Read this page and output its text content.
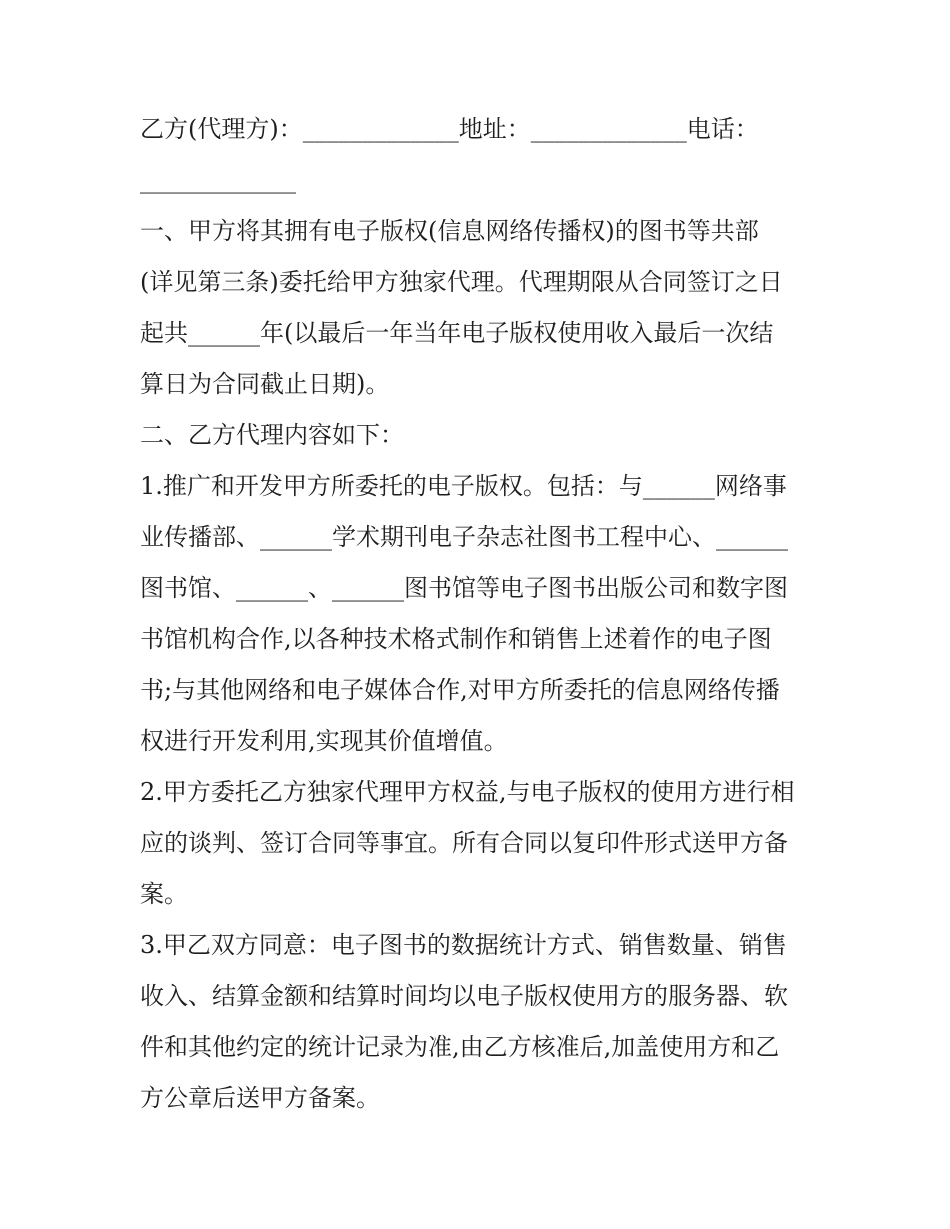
乙方(代理方)：_____________地址：_____________电话：
_____________
一、甲方将其拥有电子版权(信息网络传播权)的图书等共部
(详见第三条)委托给甲方独家代理。代理期限从合同签订之日
起共______年(以最后一年当年电子版权使用收入最后一次结
算日为合同截止日期)。
二、乙方代理内容如下：
1.推广和开发甲方所委托的电子版权。包括：与______网络事
业传播部、______学术期刊电子杂志社图书工程中心、______
图书馆、______、______图书馆等电子图书出版公司和数字图
书馆机构合作,以各种技术格式制作和销售上述着作的电子图
书;与其他网络和电子媒体合作,对甲方所委托的信息网络传播
权进行开发利用,实现其价值增值。
2.甲方委托乙方独家代理甲方权益,与电子版权的使用方进行相
应的谈判、签订合同等事宜。所有合同以复印件形式送甲方备
案。
3.甲乙双方同意：电子图书的数据统计方式、销售数量、销售
收入、结算金额和结算时间均以电子版权使用方的服务器、软
件和其他约定的统计记录为准,由乙方核准后,加盖使用方和乙
方公章后送甲方备案。
